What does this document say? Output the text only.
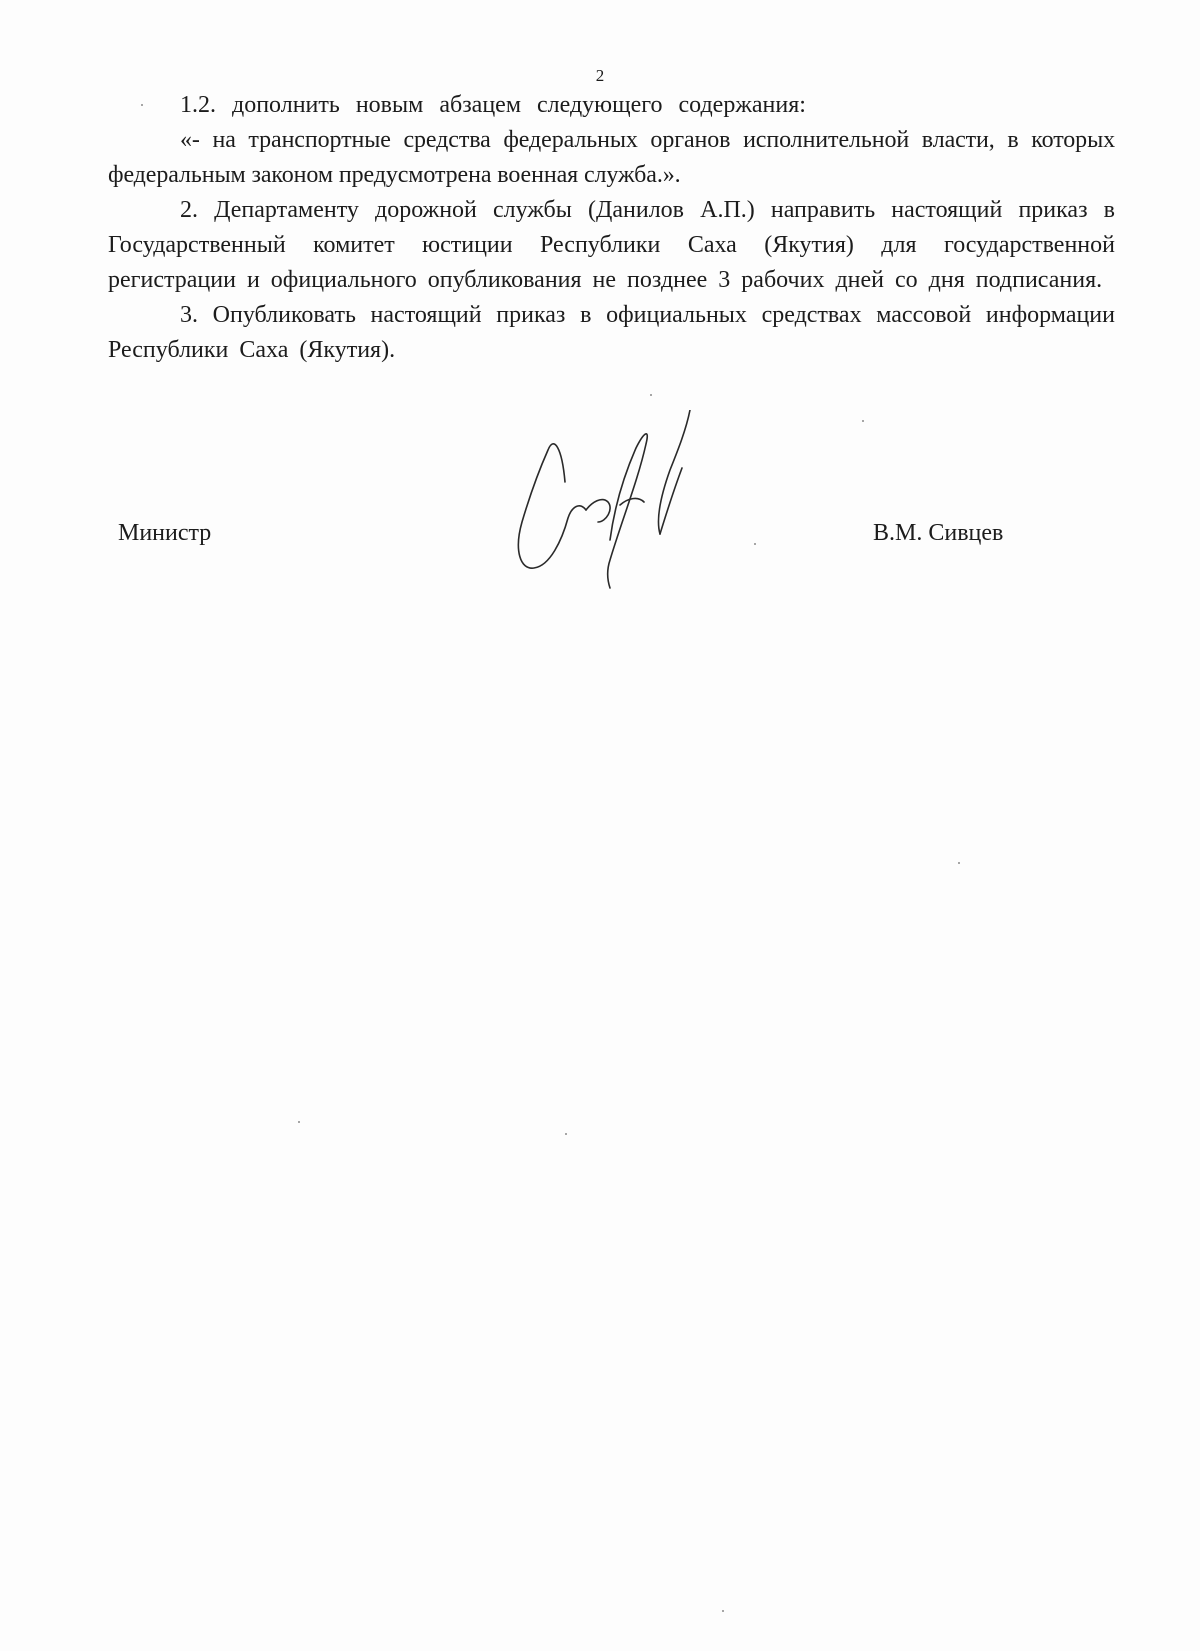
2

1.2. дополнить новым абзацем следующего содержания:

«- на транспортные средства федеральных органов исполнительной власти, в которых федеральным законом предусмотрена военная служба.».

2. Департаменту дорожной службы (Данилов А.П.) направить настоящий приказ в Государственный комитет юстиции Республики Саха (Якутия) для государственной регистрации и официального опубликования не позднее 3 рабочих дней со дня подписания.

3. Опубликовать настоящий приказ в официальных средствах массовой информации Республики Саха (Якутия).

Министр	В.М. Сивцев
